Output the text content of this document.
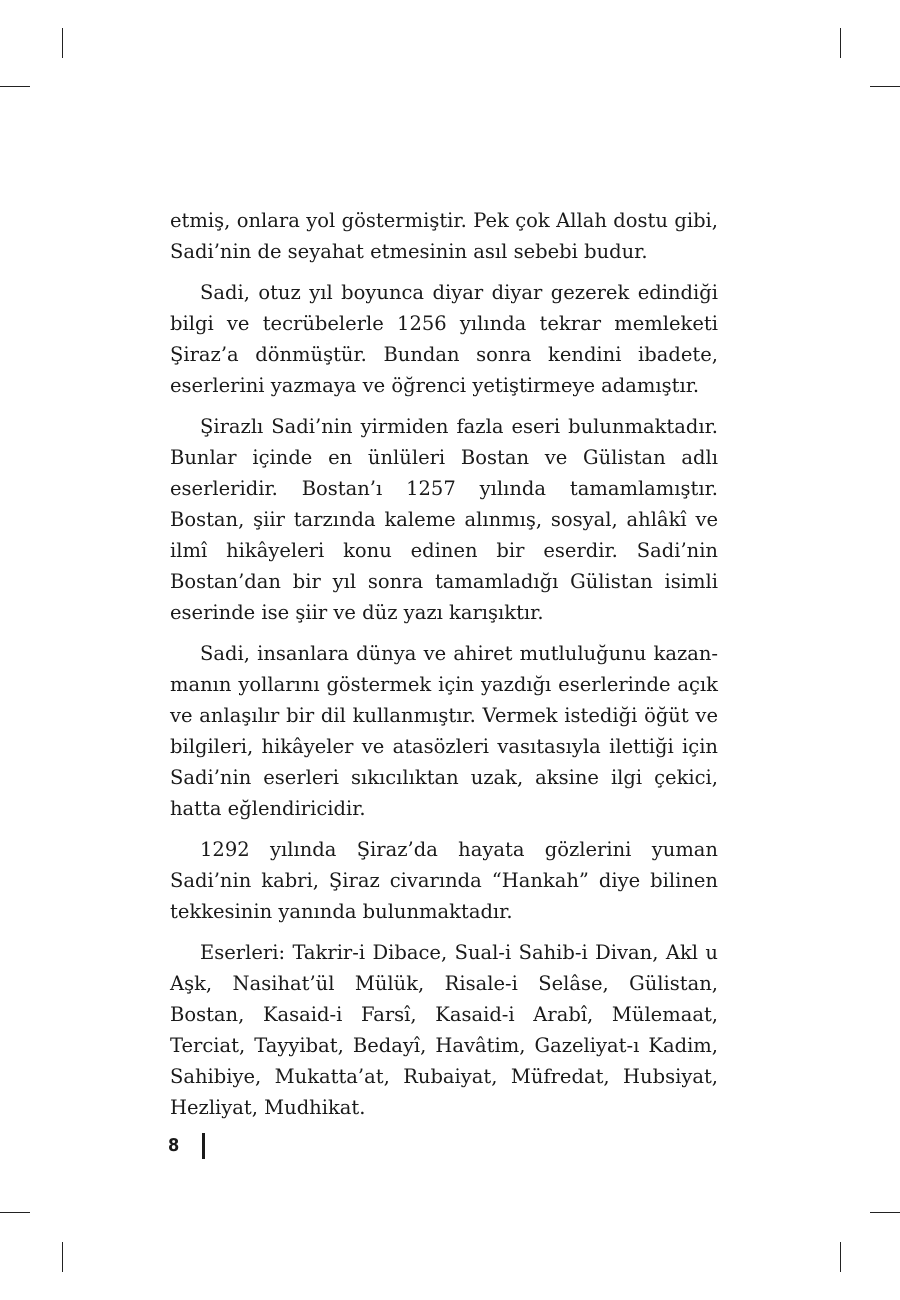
etmiş, onlara yol göstermiştir. Pek çok Allah dostu gibi, Sadi’nin de seyahat etmesinin asıl sebebi budur.

Sadi, otuz yıl boyunca diyar diyar gezerek edindiği bilgi ve tecrübelerle 1256 yılında tekrar memleketi Şiraz’a dönmüştür. Bundan sonra kendini ibadete, eserlerini yazmaya ve öğrenci yetiştirmeye adamıştır.

Şirazlı Sadi’nin yirmiden fazla eseri bulunmaktadır. Bunlar içinde en ünlüleri Bostan ve Gülistan adlı eserleridir. Bostan’ı 1257 yılında tamamlamıştır. Bostan, şiir tarzında kaleme alınmış, sosyal, ahlâkî ve ilmî hikâyeleri konu edinen bir eserdir. Sadi’nin Bostan’dan bir yıl sonra tamamladığı Gülistan isimli eserinde ise şiir ve düz yazı karışıktır.

Sadi, insanlara dünya ve ahiret mutluluğunu kazanmanın yollarını göstermek için yazdığı eserlerinde açık ve anlaşılır bir dil kullanmıştır. Vermek istediği öğüt ve bilgileri, hikâyeler ve atasözleri vasıtasıyla ilettiği için Sadi’nin eserleri sıkıcılıktan uzak, aksine ilgi çekici, hatta eğlendiricidir.

1292 yılında Şiraz’da hayata gözlerini yuman Sadi’nin kabri, Şiraz civarında “Hankah” diye bilinen tekkesinin yanında bulunmaktadır.

Eserleri: Takrir-i Dibace, Sual-i Sahib-i Divan, Akl u Aşk, Nasihat’ül Mülük, Risale-i Selâse, Gülistan, Bostan, Kasaid-i Farsî, Kasaid-i Arabî, Mülemaat, Terciat, Tayyibat, Bedayî, Havâtim, Gazeliyat-ı Kadim, Sahibiye, Mukatta’at, Rubaiyat, Müfredat, Hubsiyat, Hezliyat, Mudhikat.

8
